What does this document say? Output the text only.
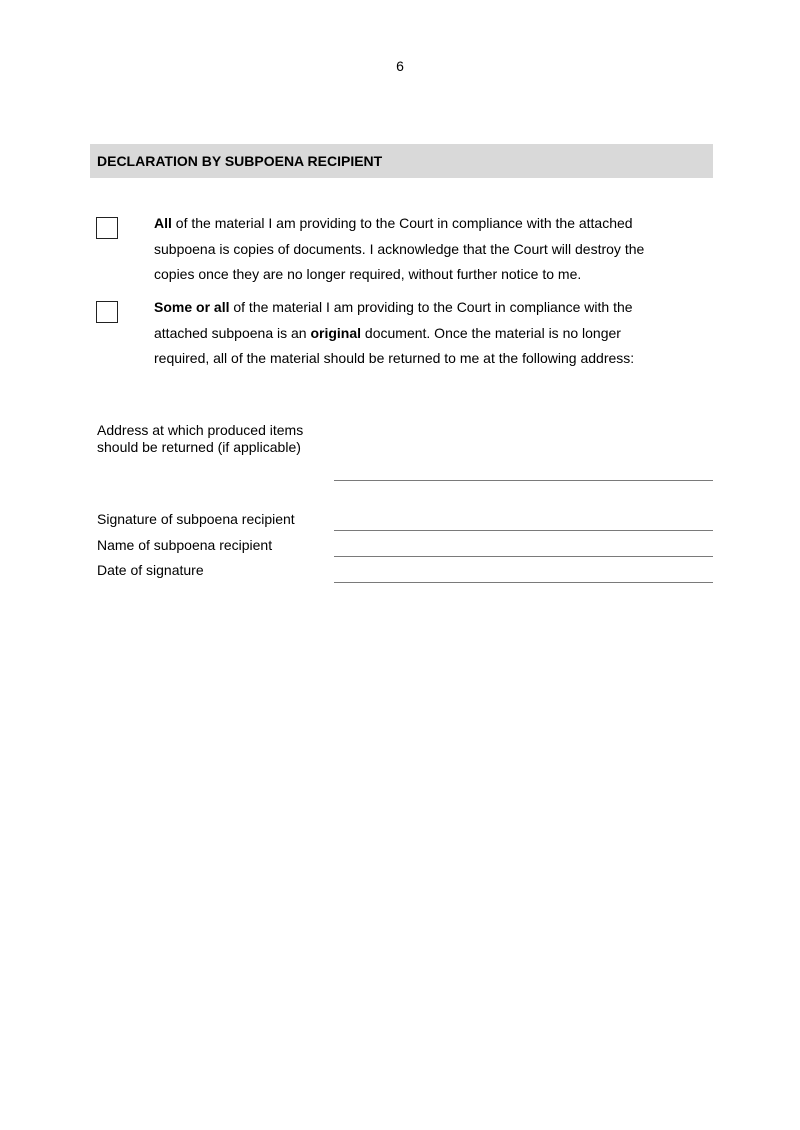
6
DECLARATION BY SUBPOENA RECIPIENT
All of the material I am providing to the Court in compliance with the attached
subpoena is copies of documents. I acknowledge that the Court will destroy the
copies once they are no longer required, without further notice to me.
Some or all of the material I am providing to the Court in compliance with the
attached subpoena is an original document. Once the material is no longer
required, all of the material should be returned to me at the following address:
Address at which produced items
should be returned (if applicable)
Signature of subpoena recipient
Name of subpoena recipient
Date of signature
